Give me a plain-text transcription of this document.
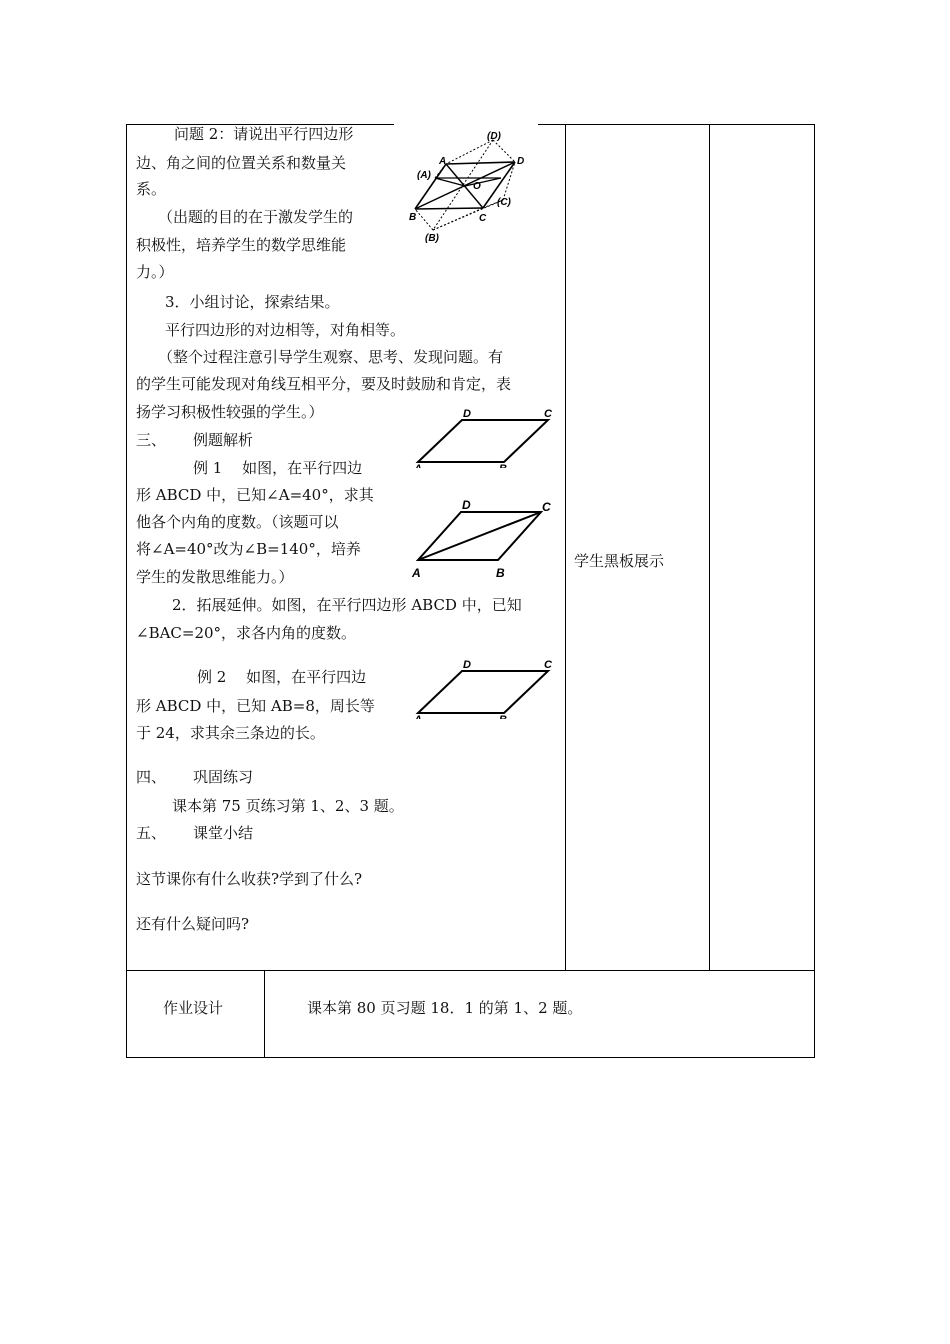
问题 2：请说出平行四边形
边、角之间的位置关系和数量关
系。
（出题的目的在于激发学生的
积极性，培养学生的数学思维能
力。）
3．小组讨论，探索结果。
平行四边形的对边相等，对角相等。
（整个过程注意引导学生观察、思考、发现问题。有
的学生可能发现对角线互相平分，要及时鼓励和肯定，表
扬学习积极性较强的学生。）
三、 例题解析
例 1　 如图，在平行四边
形 ABCD 中，已知∠A=40°，求其
他各个内角的度数。（该题可以
将∠A=40°改为∠B=140°，培养
学生的发散思维能力。）
2．拓展延伸。如图，在平行四边形 ABCD 中，已知
∠BAC=20°，求各内角的度数。
例 2　 如图，在平行四边
形 ABCD 中，已知 AB=8，周长等
于 24，求其余三条边的长。
四、 巩固练习
课本第 75 页练习第 1、2、3 题。
五、 课堂小结
这节课你有什么收获?学到了什么?
还有什么疑问吗?
学生黑板展示
作业设计	课本第 80 页习题 18．1 的第 1、2 题。
(D)
A	D
(A)
O
B	C
(C)
(B)
D	C
D	C
A	B
D	C
